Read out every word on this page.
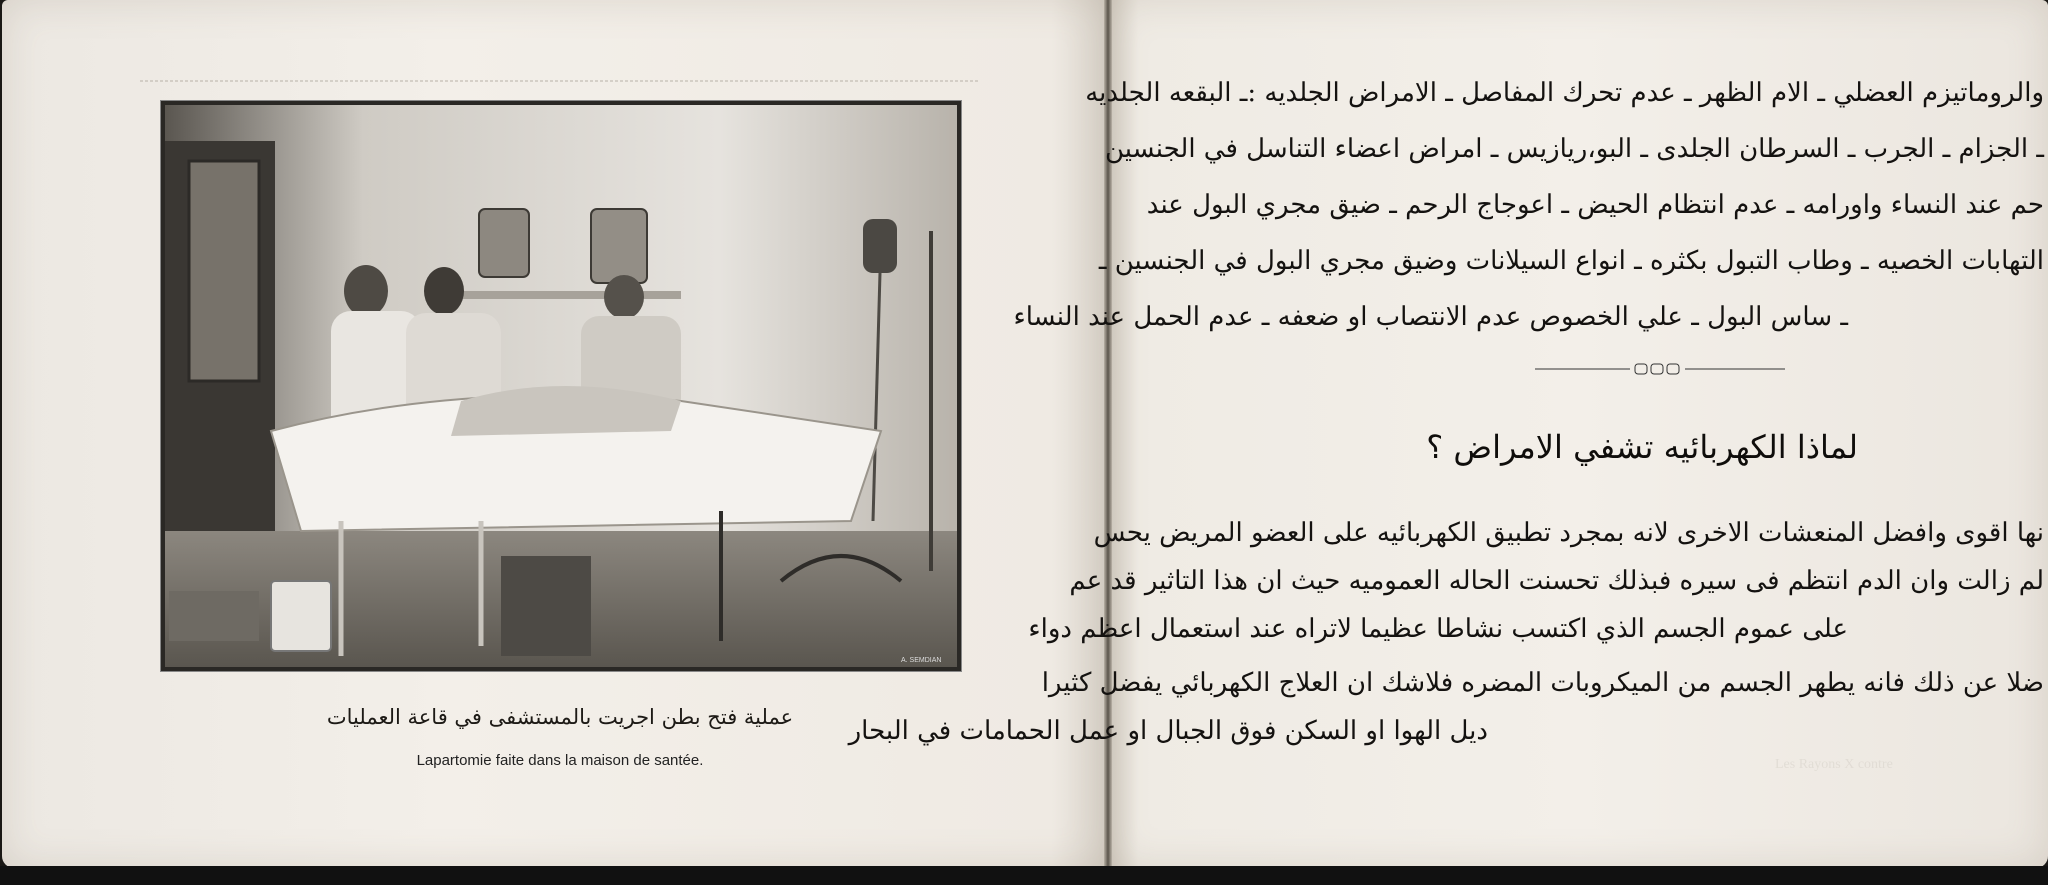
A. SEMDIAN
عملية فتح بطن اجريت بالمستشفى في قاعة العمليات
Lapartomie faite dans la maison de santée.
والروماتيزم العضلي ـ الام الظهر ـ عدم تحرك المفاصل ـ الامراض الجلديه :ـ البقعه الجلديه
ـ الجزام ـ الجرب ـ السرطان الجلدى ـ البو،ريازيس ـ امراض اعضاء التناسل في الجنسين
حم عند النساء واورامه ـ عدم انتظام الحيض ـ اعوجاج الرحم ـ ضيق مجري البول عند
التهابات الخصيه ـ وطاب التبول بكثره ـ انواع السيلانات وضيق مجري البول في الجنسين ـ
ـ ساس البول ـ علي الخصوص عدم الانتصاب او ضعفه ـ عدم الحمل عند النساء
لماذا الكهربائيه تشفي الامراض ؟
نها اقوى وافضل المنعشات الاخرى لانه بمجرد تطبيق الكهربائيه على العضو المريض يحس
لم زالت وان الدم انتظم فى سيره فبذلك تحسنت الحاله العموميه حيث ان هذا التاثير قد عم
على عموم الجسم الذي اكتسب نشاطا عظيما لاتراه عند استعمال اعظم دواء
ضلا عن ذلك فانه يطهر الجسم من الميكروبات المضره فلاشك ان العلاج الكهربائي يفضل كثيرا
ديل الهوا او السكن فوق الجبال او عمل الحمامات في البحار
Les Rayons X contre
